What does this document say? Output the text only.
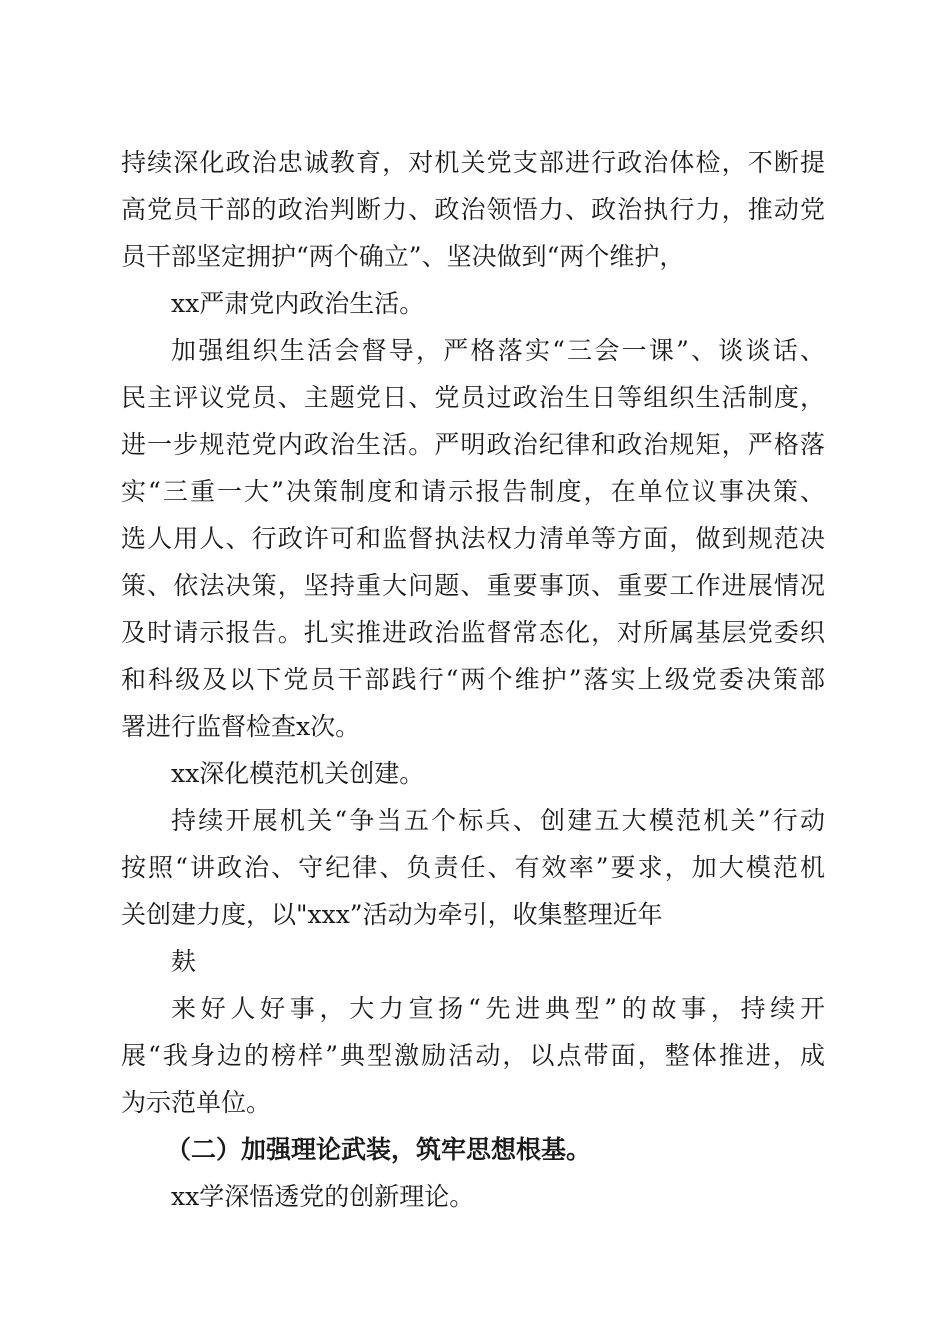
持续深化政治忠诚教育，对机关党支部进行政治体检，不断提
高党员干部的政治判断力、政治领悟力、政治执行力，推动党
员干部坚定拥护“两个确立”、坚决做到“两个维护，

xx严肃党内政治生活。

加强组织生活会督导，严格落实“三会一课”、谈谈话、
民主评议党员、主题党日、党员过政治生日等组织生活制度，
进一步规范党内政治生活。严明政治纪律和政治规矩，严格落
实“三重一大”决策制度和请示报告制度，在单位议事决策、
选人用人、行政许可和监督执法权力清单等方面，做到规范决
策、依法决策，坚持重大问题、重要事顶、重要工作进展情况
及时请示报告。扎实推进政治监督常态化，对所属基层党委织
和科级及以下党员干部践行“两个维护”落实上级党委决策部
署进行监督检查x次。

xx深化模范机关创建。

持续开展机关“争当五个标兵、创建五大模范机关”行动
按照“讲政治、守纪律、负责任、有效率”要求，加大模范机
关创建力度，以"xxx”活动为牵引，收集整理近年

麸

来好人好事，大力宣扬“先进典型”的故事，持续开
展“我身边的榜样”典型激励活动，以点带面，整体推进，成
为示范单位。

（二）加强理论武装，筑牢思想根基。

xx学深悟透党的创新理论。
